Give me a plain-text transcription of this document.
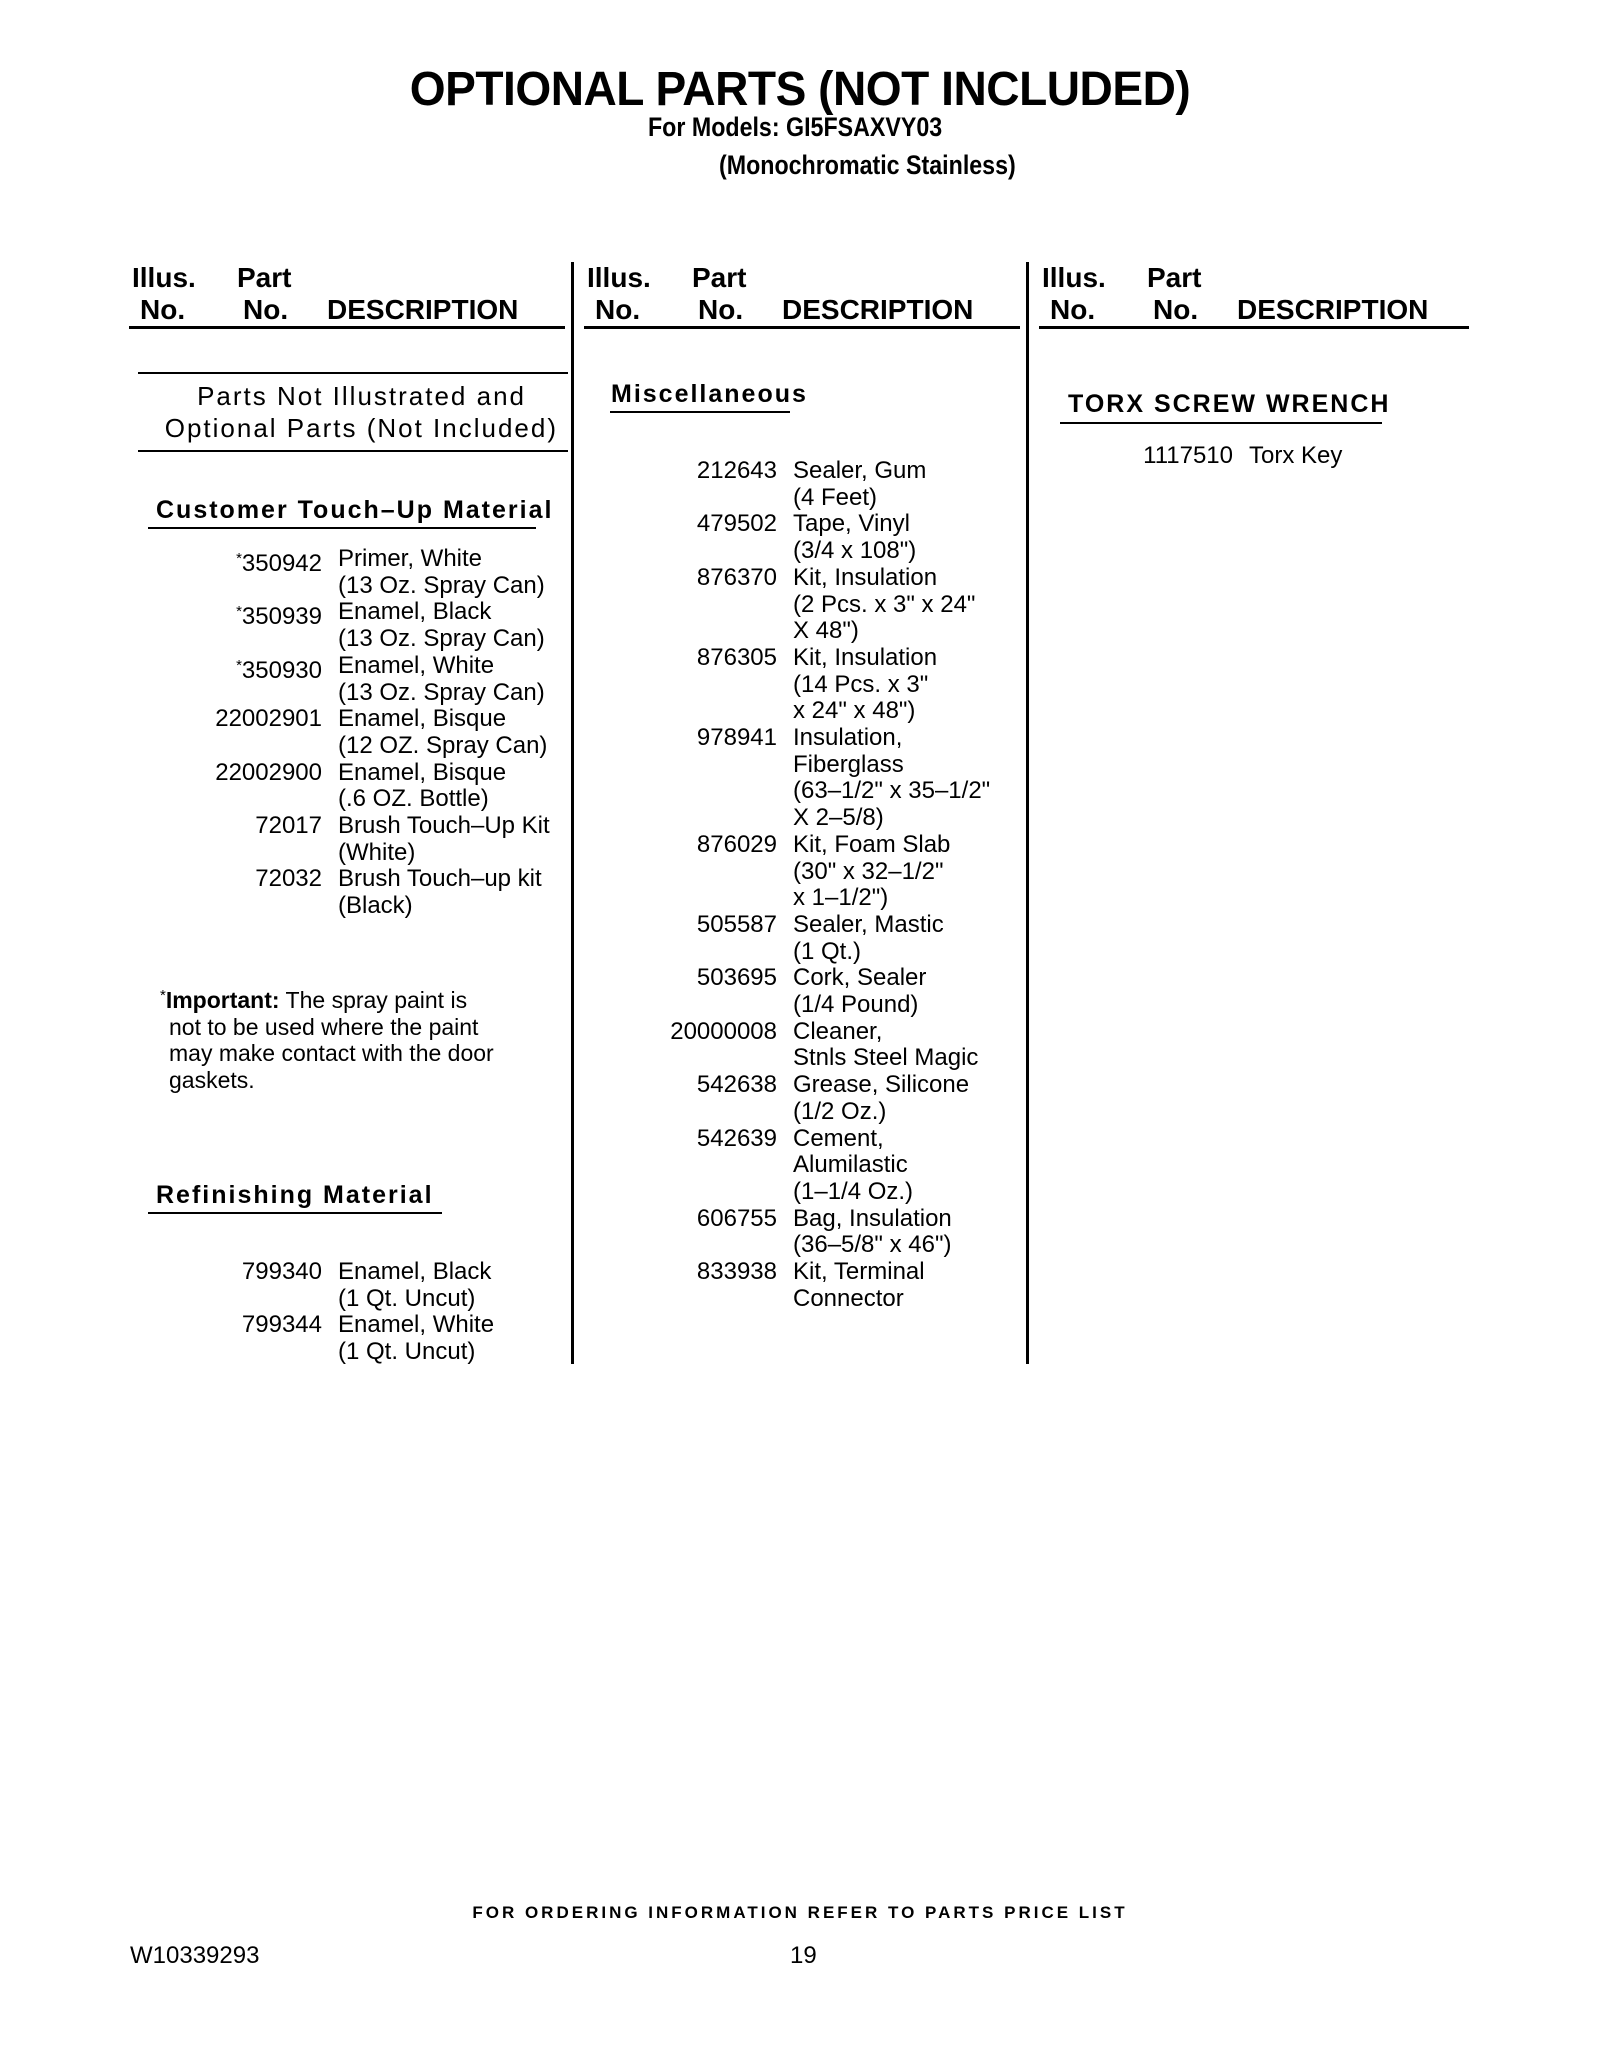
OPTIONAL PARTS (NOT INCLUDED)
For Models: GI5FSAXVY03
(Monochromatic Stainless)
Illus. Part
No. No. DESCRIPTION
Illus. Part
No. No. DESCRIPTION
Illus. Part
No. No. DESCRIPTION
Parts Not Illustrated and
Optional Parts (Not Included)
Customer Touch–Up Material
*350942 Primer, White
(13 Oz. Spray Can)
*350939 Enamel, Black
(13 Oz. Spray Can)
*350930 Enamel, White
(13 Oz. Spray Can)
22002901 Enamel, Bisque
(12 OZ. Spray Can)
22002900 Enamel, Bisque
(.6 OZ. Bottle)
72017 Brush Touch–Up Kit
(White)
72032 Brush Touch–up kit
(Black)
*Important: The spray paint is
not to be used where the paint
may make contact with the door
gaskets.
Refinishing Material
799340 Enamel, Black
(1 Qt. Uncut)
799344 Enamel, White
(1 Qt. Uncut)
Miscellaneous
212643 Sealer, Gum
(4 Feet)
479502 Tape, Vinyl
(3/4 x 108")
876370 Kit, Insulation
(2 Pcs. x 3" x 24"
X 48")
876305 Kit, Insulation
(14 Pcs. x 3"
x 24" x 48")
978941 Insulation,
Fiberglass
(63–1/2" x 35–1/2"
X 2–5/8)
876029 Kit, Foam Slab
(30" x 32–1/2"
x 1–1/2")
505587 Sealer, Mastic
(1 Qt.)
503695 Cork, Sealer
(1/4 Pound)
20000008 Cleaner,
Stnls Steel Magic
542638 Grease, Silicone
(1/2 Oz.)
542639 Cement,
Alumilastic
(1–1/4 Oz.)
606755 Bag, Insulation
(36–5/8" x 46")
833938 Kit, Terminal
Connector
TORX SCREW WRENCH
1117510 Torx Key
FOR ORDERING INFORMATION REFER TO PARTS PRICE LIST
W10339293	19
